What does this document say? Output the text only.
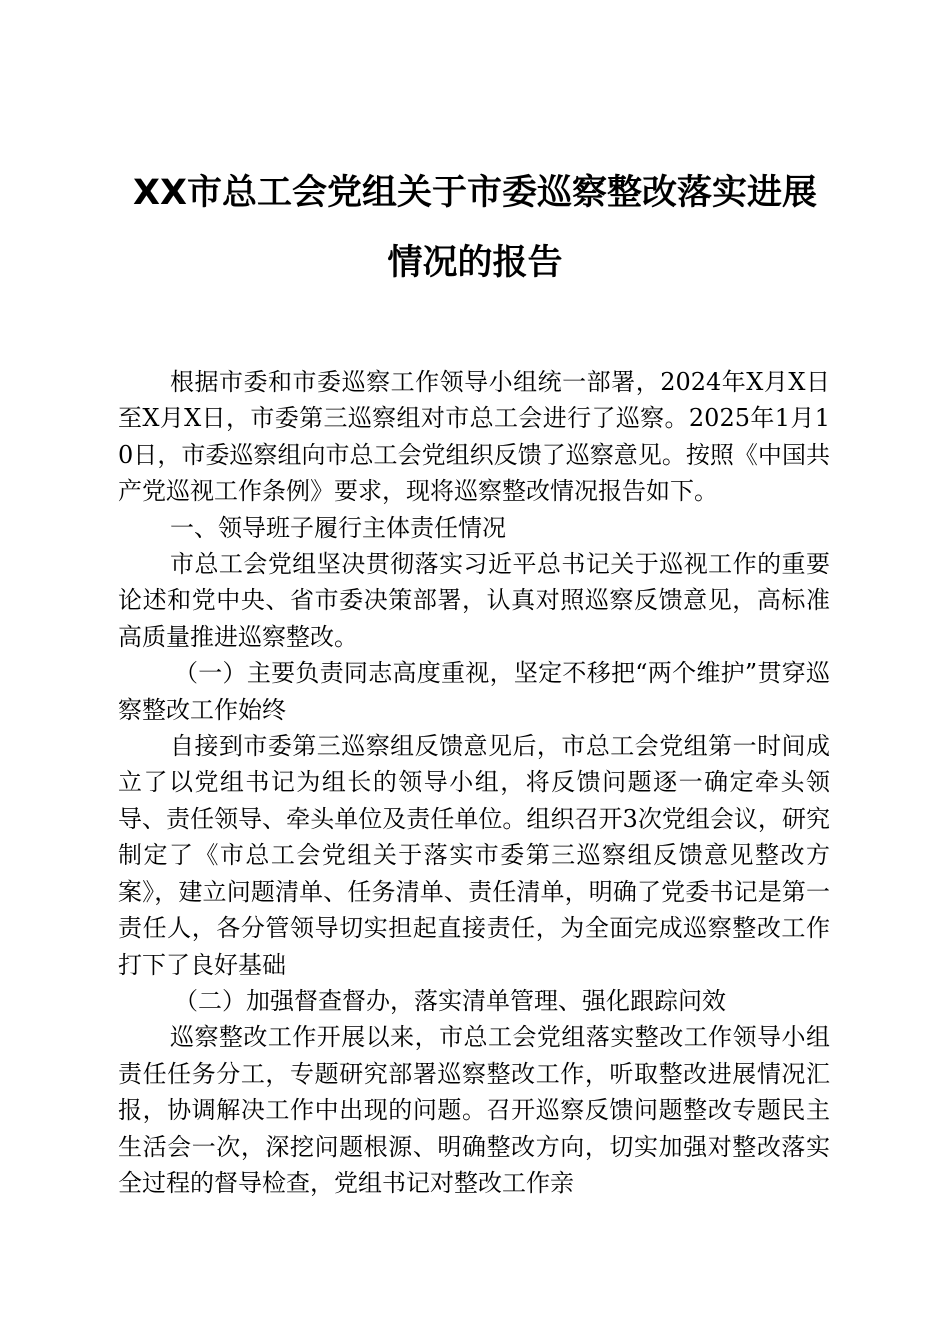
XX市总工会党组关于市委巡察整改落实进展
情况的报告

根据市委和市委巡察工作领导小组统一部署，2024年X月X日至X月X日，市委第三巡察组对市总工会进行了巡察。2025年1月10日，市委巡察组向市总工会党组织反馈了巡察意见。按照《中国共产党巡视工作条例》要求，现将巡察整改情况报告如下。

一、领导班子履行主体责任情况

市总工会党组坚决贯彻落实习近平总书记关于巡视工作的重要论述和党中央、省市委决策部署，认真对照巡察反馈意见，高标准高质量推进巡察整改。

（一）主要负责同志高度重视，坚定不移把“两个维护”贯穿巡察整改工作始终

自接到市委第三巡察组反馈意见后，市总工会党组第一时间成立了以党组书记为组长的领导小组，将反馈问题逐一确定牵头领导、责任领导、牵头单位及责任单位。组织召开3次党组会议，研究制定了《市总工会党组关于落实市委第三巡察组反馈意见整改方案》，建立问题清单、任务清单、责任清单，明确了党委书记是第一责任人，各分管领导切实担起直接责任，为全面完成巡察整改工作打下了良好基础

（二）加强督查督办，落实清单管理、强化跟踪问效

巡察整改工作开展以来，市总工会党组落实整改工作领导小组责任任务分工，专题研究部署巡察整改工作，听取整改进展情况汇报，协调解决工作中出现的问题。召开巡察反馈问题整改专题民主生活会一次，深挖问题根源、明确整改方向，切实加强对整改落实全过程的督导检查，党组书记对整改工作亲
